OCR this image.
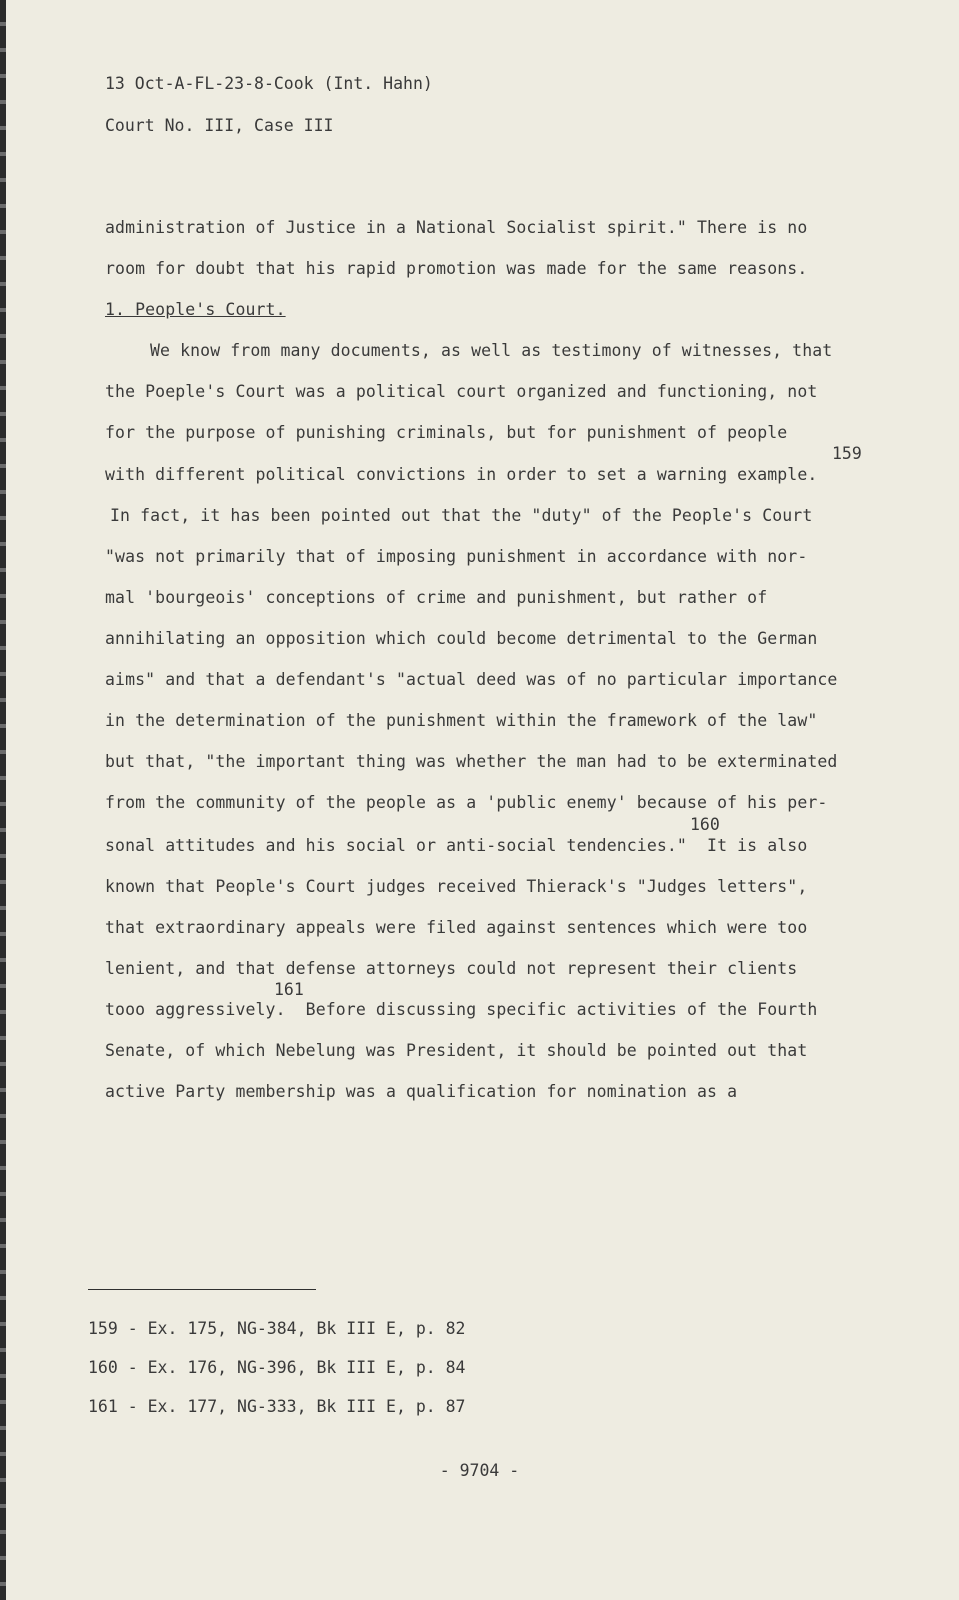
13 Oct-A-FL-23-8-Cook (Int. Hahn)
Court No. III, Case III
administration of Justice in a National Socialist spirit." There is no
room for doubt that his rapid promotion was made for the same reasons.
1. People's Court.
We know from many documents, as well as testimony of witnesses, that
the Poeple's Court was a political court organized and functioning, not
for the purpose of punishing criminals, but for punishment of people
159
with different political convictions in order to set a warning example.
In fact, it has been pointed out that the "duty" of the People's Court
"was not primarily that of imposing punishment in accordance with nor-
mal 'bourgeois' conceptions of crime and punishment, but rather of
annihilating an opposition which could become detrimental to the German
aims" and that a defendant's "actual deed was of no particular importance
in the determination of the punishment within the framework of the law"
but that, "the important thing was whether the man had to be exterminated
from the community of the people as a 'public enemy' because of his per-
160
sonal attitudes and his social or anti-social tendencies."  It is also
known that People's Court judges received Thierack's "Judges letters",
that extraordinary appeals were filed against sentences which were too
lenient, and that defense attorneys could not represent their clients
161
tooo aggressively.  Before discussing specific activities of the Fourth
Senate, of which Nebelung was President, it should be pointed out that
active Party membership was a qualification for nomination as a
159 - Ex. 175, NG-384, Bk III E, p. 82
160 - Ex. 176, NG-396, Bk III E, p. 84
161 - Ex. 177, NG-333, Bk III E, p. 87
- 9704 -
